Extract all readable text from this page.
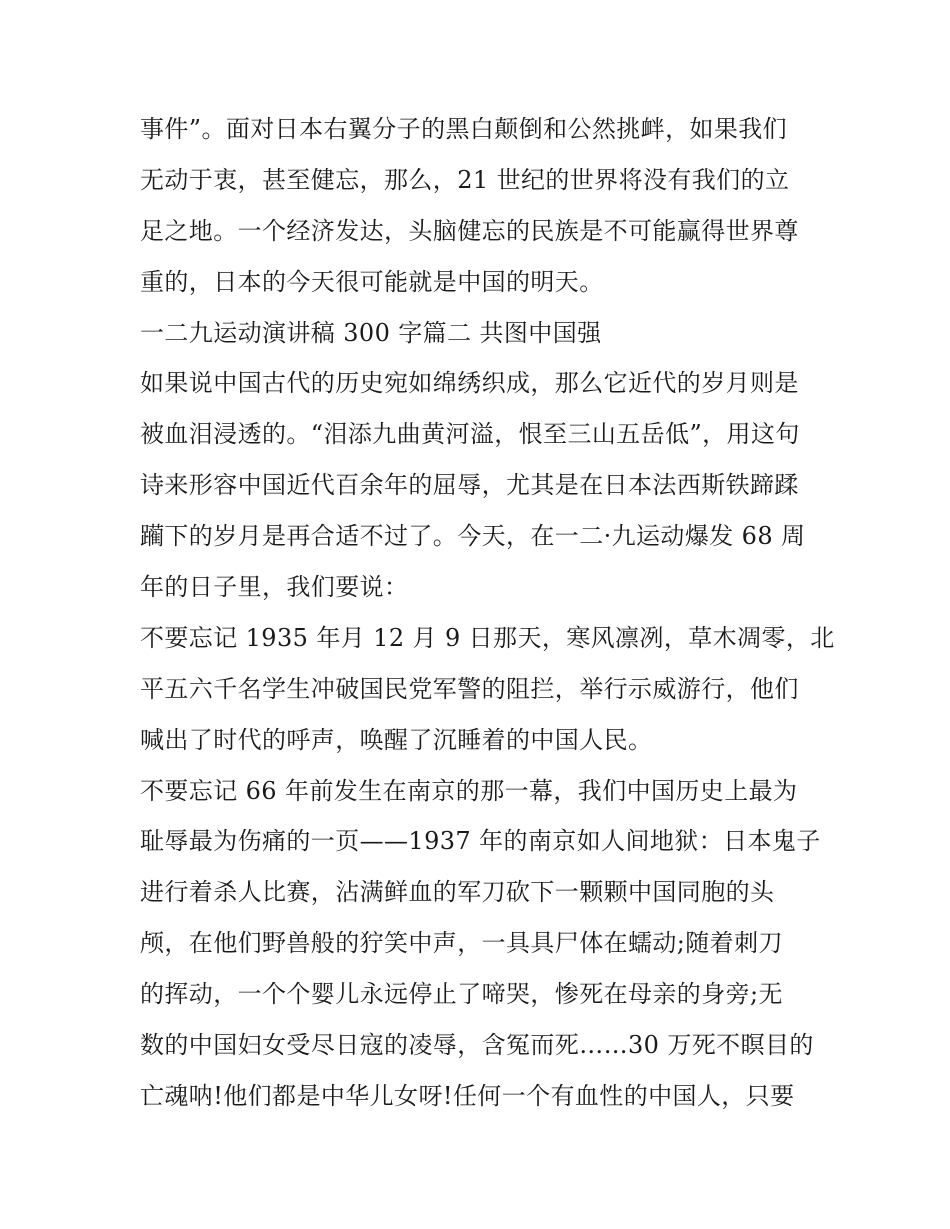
事件”。面对日本右翼分子的黑白颠倒和公然挑衅，如果我们
无动于衷，甚至健忘，那么，21 世纪的世界将没有我们的立
足之地。一个经济发达，头脑健忘的民族是不可能赢得世界尊
重的，日本的今天很可能就是中国的明天。
一二九运动演讲稿 300 字篇二 共图中国强
如果说中国古代的历史宛如绵绣织成，那么它近代的岁月则是
被血泪浸透的。“泪添九曲黄河溢，恨至三山五岳低”，用这句
诗来形容中国近代百余年的屈辱，尤其是在日本法西斯铁蹄蹂
躏下的岁月是再合适不过了。今天，在一二·九运动爆发 68 周
年的日子里，我们要说：
不要忘记 1935 年月 12 月 9 日那天，寒风凛冽，草木凋零，北
平五六千名学生冲破国民党军警的阻拦，举行示威游行，他们
喊出了时代的呼声，唤醒了沉睡着的中国人民。
不要忘记 66 年前发生在南京的那一幕，我们中国历史上最为
耻辱最为伤痛的一页——1937 年的南京如人间地狱：日本鬼子
进行着杀人比赛，沾满鲜血的军刀砍下一颗颗中国同胞的头
颅，在他们野兽般的狞笑中声，一具具尸体在蠕动;随着刺刀
的挥动，一个个婴儿永远停止了啼哭，惨死在母亲的身旁;无
数的中国妇女受尽日寇的凌辱，含冤而死……30 万死不瞑目的
亡魂呐!他们都是中华儿女呀!任何一个有血性的中国人，只要
